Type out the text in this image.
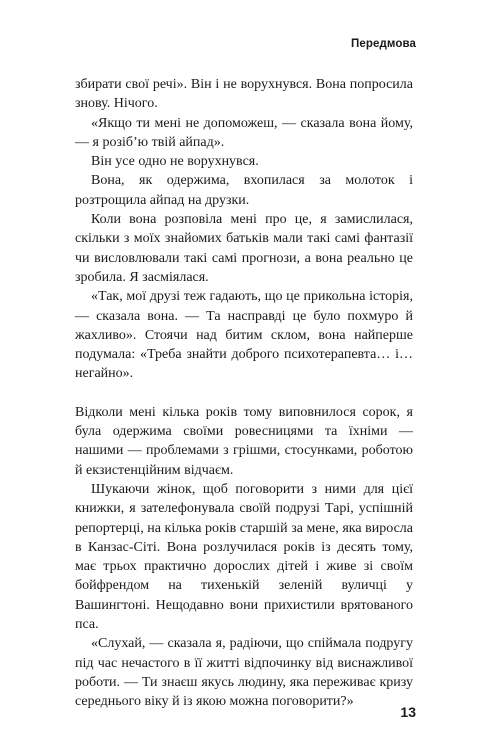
Передмова

збирати свої речі». Він і не ворухнувся. Вона попросила знову. Нічого.

«Якщо ти мені не допоможеш, — сказала вона йому, — я розіб’ю твій айпад».

Він усе одно не ворухнувся.

Вона, як одержима, вхопилася за молоток і розтрощила айпад на друзки.

Коли вона розповіла мені про це, я замислилася, скільки з моїх знайомих батьків мали такі самі фантазії чи висловлювали такі самі прогнози, а вона реально це зробила. Я засміялася.

«Так, мої друзі теж гадають, що це прикольна історія, — сказала вона. — Та насправді це було похмуро й жахливо». Стоячи над битим склом, вона найперше подумала: «Треба знайти доброго психотерапевта… і… негайно».

Відколи мені кілька років тому виповнилося сорок, я була одержима своїми ровесницями та їхніми — нашими — проблемами з грішми, стосунками, роботою й екзистенційним відчаєм.

Шукаючи жінок, щоб поговорити з ними для цієї книжки, я зателефонувала своїй подрузі Тарі, успішній репортерці, на кілька років старшій за мене, яка виросла в Канзас-Сіті. Вона розлучилася років із десять тому, має трьох практично дорослих дітей і живе зі своїм бойфрендом на тихенькій зеленій вуличці у Вашингтоні. Нещодавно вони прихистили врятованого пса.

«Слухай, — сказала я, радіючи, що спіймала подругу під час нечастого в її житті відпочинку від виснажливої роботи. — Ти знаєш якусь людину, яка переживає кризу середнього віку й із якою можна поговорити?»

13
